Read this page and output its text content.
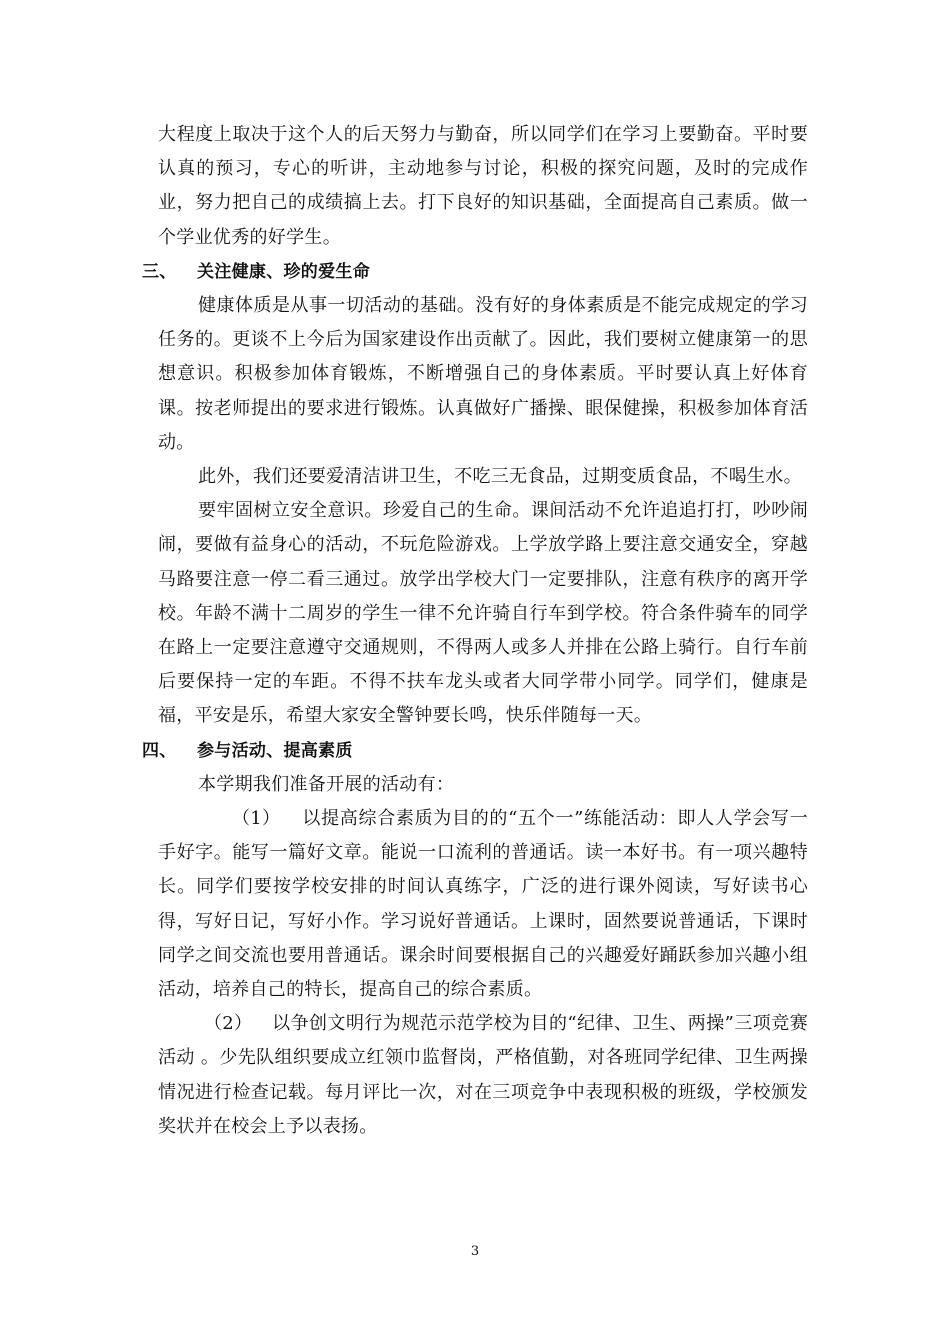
大程度上取决于这个人的后天努力与勤奋，所以同学们在学习上要勤奋。平时要认真的预习，专心的听讲，主动地参与讨论，积极的探究问题，及时的完成作业，努力把自己的成绩搞上去。打下良好的知识基础，全面提高自己素质。做一个学业优秀的好学生。

三、 关注健康、珍的爱生命

健康体质是从事一切活动的基础。没有好的身体素质是不能完成规定的学习任务的。更谈不上今后为国家建设作出贡献了。因此，我们要树立健康第一的思想意识。积极参加体育锻炼，不断增强自己的身体素质。平时要认真上好体育课。按老师提出的要求进行锻炼。认真做好广播操、眼保健操，积极参加体育活动。

此外，我们还要爱清洁讲卫生，不吃三无食品，过期变质食品，不喝生水。

要牢固树立安全意识。珍爱自己的生命。课间活动不允许追追打打，吵吵闹闹，要做有益身心的活动，不玩危险游戏。上学放学路上要注意交通安全，穿越马路要注意一停二看三通过。放学出学校大门一定要排队，注意有秩序的离开学校。年龄不满十二周岁的学生一律不允许骑自行车到学校。符合条件骑车的同学在路上一定要注意遵守交通规则，不得两人或多人并排在公路上骑行。自行车前后要保持一定的车距。不得不扶车龙头或者大同学带小同学。同学们，健康是福，平安是乐，希望大家安全警钟要长鸣，快乐伴随每一天。

四、 参与活动、提高素质

本学期我们准备开展的活动有：

（1） 以提高综合素质为目的的“五个一”练能活动：即人人学会写一手好字。能写一篇好文章。能说一口流利的普通话。读一本好书。有一项兴趣特长。同学们要按学校安排的时间认真练字，广泛的进行课外阅读，写好读书心得，写好日记，写好小作。学习说好普通话。上课时，固然要说普通话，下课时同学之间交流也要用普通话。课余时间要根据自己的兴趣爱好踊跃参加兴趣小组活动，培养自己的特长，提高自己的综合素质。

（2） 以争创文明行为规范示范学校为目的“纪律、卫生、两操”三项竞赛活动 。少先队组织要成立红领巾监督岗，严格值勤，对各班同学纪律、卫生两操情况进行检查记载。每月评比一次，对在三项竞争中表现积极的班级，学校颁发奖状并在校会上予以表扬。

3
